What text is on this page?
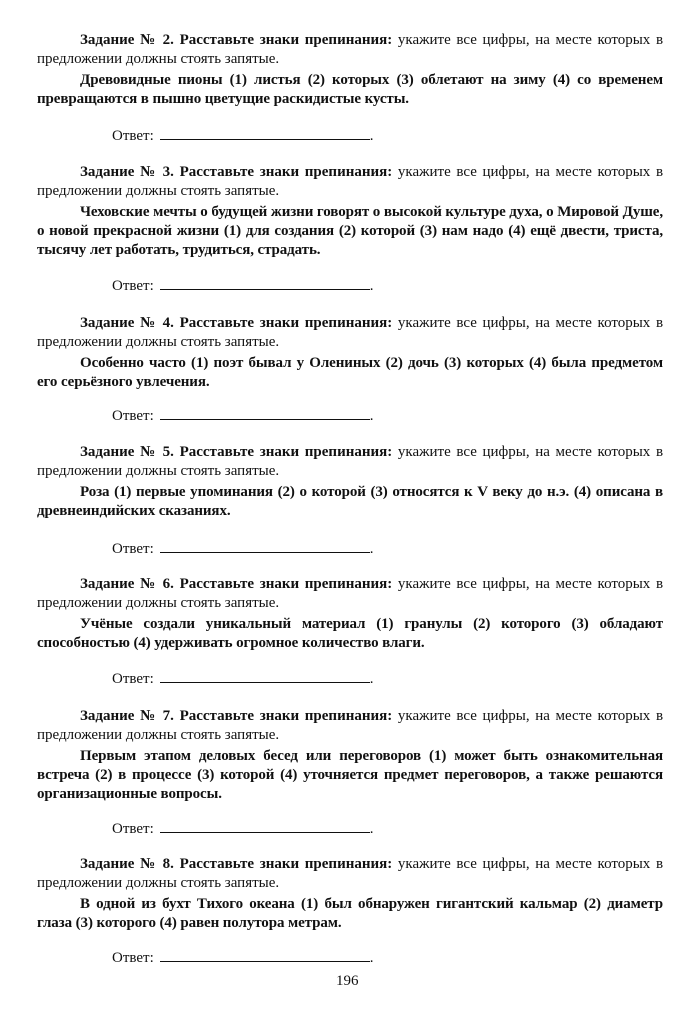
Задание № 2. Расставьте знаки препинания: укажите все цифры, на месте которых в предложении должны стоять запятые.

Древовидные пионы (1) листья (2) которых (3) облетают на зиму (4) со временем превращаются в пышно цветущие раскидистые кусты.

Ответ:	.

Задание № 3. Расставьте знаки препинания: укажите все цифры, на месте которых в предложении должны стоять запятые.

Чеховские мечты о будущей жизни говорят о высокой культуре духа, о Мировой Душе, о новой прекрасной жизни (1) для создания (2) которой (3) нам надо (4) ещё двести, триста, тысячу лет работать, трудиться, страдать.

Ответ:	.

Задание № 4. Расставьте знаки препинания: укажите все цифры, на месте которых в предложении должны стоять запятые.

Особенно часто (1) поэт бывал у Олениных (2) дочь (3) которых (4) была предметом его серьёзного увлечения.

Ответ:	.

Задание № 5. Расставьте знаки препинания: укажите все цифры, на месте которых в предложении должны стоять запятые.

Роза (1) первые упоминания (2) о которой (3) относятся к V веку до н.э. (4) описана в древнеиндийских сказаниях.

Ответ:	.

Задание № 6. Расставьте знаки препинания: укажите все цифры, на месте которых в предложении должны стоять запятые.

Учёные создали уникальный материал (1) гранулы (2) которого (3) обладают способностью (4) удерживать огромное количество влаги.

Ответ:	.

Задание № 7. Расставьте знаки препинания: укажите все цифры, на месте которых в предложении должны стоять запятые.

Первым этапом деловых бесед или переговоров (1) может быть ознакомительная встреча (2) в процессе (3) которой (4) уточняется предмет переговоров, а также решаются организационные вопросы.

Ответ:	.

Задание № 8. Расставьте знаки препинания: укажите все цифры, на месте которых в предложении должны стоять запятые.

В одной из бухт Тихого океана (1) был обнаружен гигантский кальмар (2) диаметр глаза (3) которого (4) равен полутора метрам.

Ответ:	.
196
